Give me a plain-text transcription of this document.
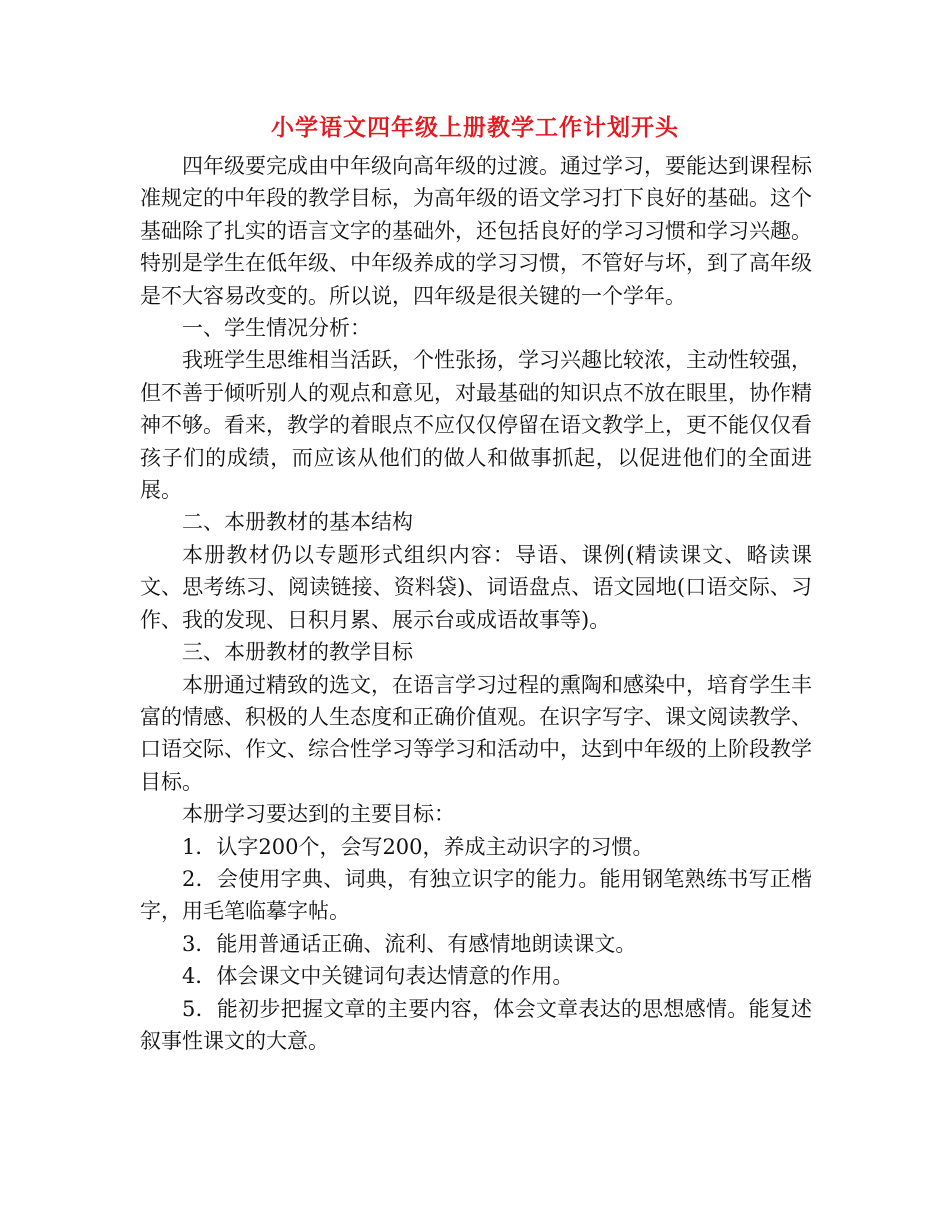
小学语文四年级上册教学工作计划开头

四年级要完成由中年级向高年级的过渡。通过学习，要能达到课程标准规定的中年段的教学目标，为高年级的语文学习打下良好的基础。这个基础除了扎实的语言文字的基础外，还包括良好的学习习惯和学习兴趣。特别是学生在低年级、中年级养成的学习习惯，不管好与坏，到了高年级是不大容易改变的。所以说，四年级是很关键的一个学年。

一、学生情况分析：

我班学生思维相当活跃，个性张扬，学习兴趣比较浓，主动性较强，但不善于倾听别人的观点和意见，对最基础的知识点不放在眼里，协作精神不够。看来，教学的着眼点不应仅仅停留在语文教学上，更不能仅仅看孩子们的成绩，而应该从他们的做人和做事抓起，以促进他们的全面进展。

二、本册教材的基本结构

本册教材仍以专题形式组织内容：导语、课例(精读课文、略读课文、思考练习、阅读链接、资料袋)、词语盘点、语文园地(口语交际、习作、我的发现、日积月累、展示台或成语故事等)。

三、本册教材的教学目标

本册通过精致的选文，在语言学习过程的熏陶和感染中，培育学生丰富的情感、积极的人生态度和正确价值观。在识字写字、课文阅读教学、口语交际、作文、综合性学习等学习和活动中，达到中年级的上阶段教学目标。

本册学习要达到的主要目标：

1．认字200个，会写200，养成主动识字的习惯。

2．会使用字典、词典，有独立识字的能力。能用钢笔熟练书写正楷字，用毛笔临摹字帖。

3．能用普通话正确、流利、有感情地朗读课文。

4．体会课文中关键词句表达情意的作用。

5．能初步把握文章的主要内容，体会文章表达的思想感情。能复述叙事性课文的大意。
